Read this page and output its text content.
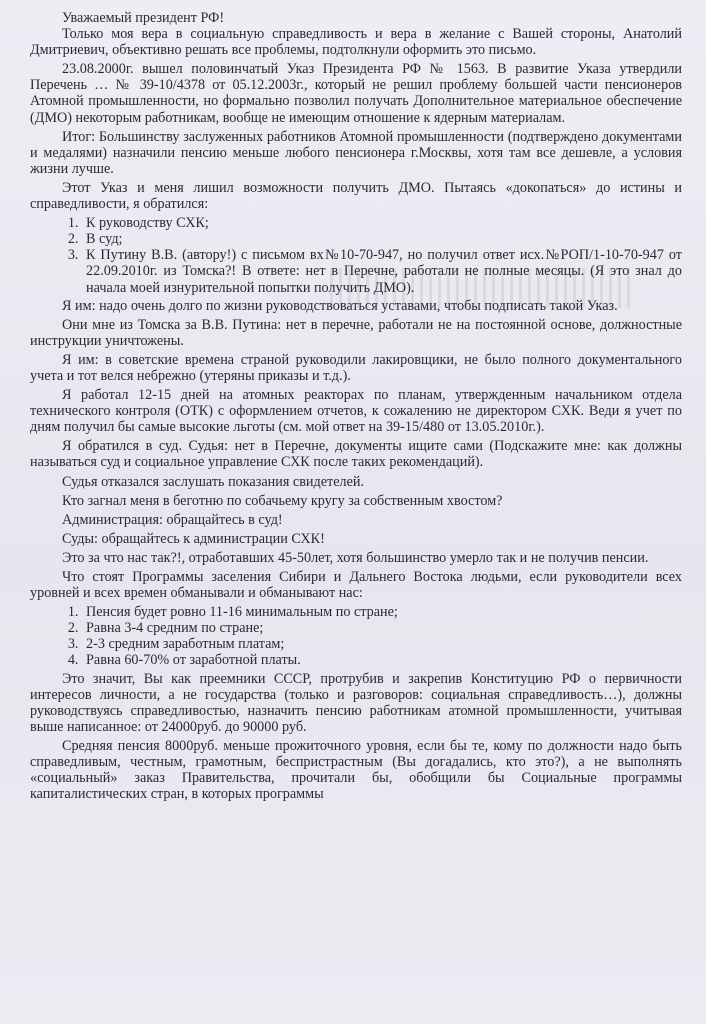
Уважаемый президент РФ!

Только моя вера в социальную справедливость и вера в желание с Вашей стороны, Анатолий Дмитриевич, объективно решать все проблемы, подтолкнули оформить это письмо.

23.08.2000г. вышел половинчатый Указ Президента РФ № 1563. В развитие Указа утвердили Перечень … № 39-10/4378 от 05.12.2003г., который не решил проблему большей части пенсионеров Атомной промышленности, но формально позволил получать Дополнительное материальное обеспечение (ДМО) некоторым работникам, вообще не имеющим отношение к ядерным материалам.

Итог: Большинству заслуженных работников Атомной промышленности (подтверждено документами и медалями) назначили пенсию меньше любого пенсионера г.Москвы, хотя там все дешевле, а условия жизни лучше.

Этот Указ и меня лишил возможности получить ДМО. Пытаясь «докопаться» до истины и справедливости, я обратился:

1. К руководству СХК;
2. В суд;
3. К Путину В.В. (автору!) с письмом вх№10-70-947, но получил ответ исх.№РОП/1-10-70-947 от 22.09.2010г. из Томска?! В ответе: нет в Перечне, работали не полные месяцы. (Я это знал до начала моей изнурительной попытки получить ДМО).

Я им: надо очень долго по жизни руководствоваться уставами, чтобы подписать такой Указ.

Они мне из Томска за В.В. Путина: нет в перечне, работали не на постоянной основе, должностные инструкции уничтожены.

Я им: в советские времена страной руководили лакировщики, не было полного документального учета и тот велся небрежно (утеряны приказы и т.д.).

Я работал 12-15 дней на атомных реакторах по планам, утвержденным начальником отдела технического контроля (ОТК) с оформлением отчетов, к сожалению не директором СХК. Веди я учет по дням получил бы самые высокие льготы (см. мой ответ на 39-15/480 от 13.05.2010г.).

Я обратился в суд. Судья: нет в Перечне, документы ищите сами (Подскажите мне: как должны называться суд и социальное управление СХК после таких рекомендаций).

Судья отказался заслушать показания свидетелей.

Кто загнал меня в беготню по собачьему кругу за собственным хвостом?

Администрация: обращайтесь в суд!

Суды: обращайтесь к администрации СХК!

Это за что нас так?!, отработавших 45-50лет, хотя большинство умерло так и не получив пенсии.

Что стоят Программы заселения Сибири и Дальнего Востока людьми, если руководители всех уровней и всех времен обманывали и обманывают нас:

1. Пенсия будет ровно 11-16 минимальным по стране;
2. Равна 3-4 средним по стране;
3. 2-3 средним заработным платам;
4. Равна 60-70% от заработной платы.

Это значит, Вы как преемники СССР, протрубив и закрепив Конституцию РФ о первичности интересов личности, а не государства (только и разговоров: социальная справедливость…), должны руководствуясь справедливостью, назначить пенсию работникам атомной промышленности, учитывая выше написанное: от 24000руб. до 90000 руб.

Средняя пенсия 8000руб. меньше прожиточного уровня, если бы те, кому по должности надо быть справедливым, честным, грамотным, беспристрастным (Вы догадались, кто это?), а не выполнять «социальный» заказ Правительства, прочитали бы, обобщили бы Социальные программы капиталистических стран, в которых программы
